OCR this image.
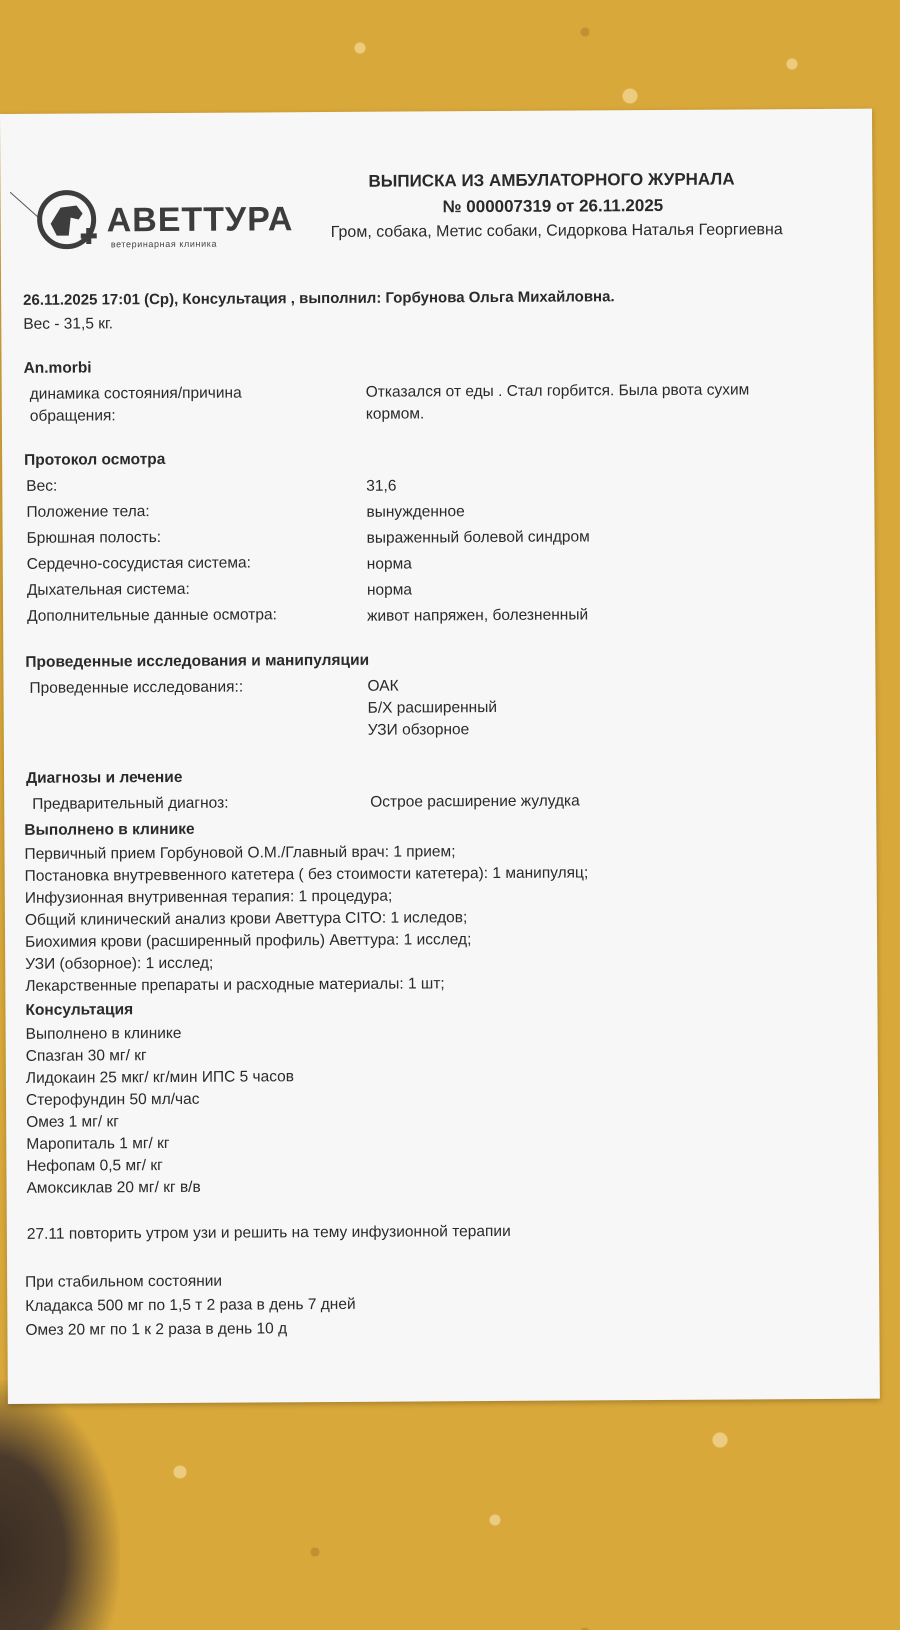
АВЕТТУРА
ветеринарная клиника
ВЫПИСКА ИЗ АМБУЛАТОРНОГО ЖУРНАЛА
№ 000007319 от 26.11.2025
Гром, собака, Метис собаки, Сидоркова Наталья Георгиевна
26.11.2025 17:01 (Ср), Консультация , выполнил: Горбунова Ольга Михайловна.
Вес - 31,5 кг.
An.morbi
динамика состояния/причина
обращения:
Отказался от еды . Стал горбится. Была рвота сухим
кормом.
Протокол осмотра
Вес:	31,6
Положение тела:	вынужденное
Брюшная полость:	выраженный болевой синдром
Сердечно-сосудистая система:	норма
Дыхательная система:	норма
Дополнительные данные осмотра:	живот напряжен, болезненный
Проведенные исследования и манипуляции
Проведенные исследования::	ОАК
Б/Х расширенный
УЗИ обзорное
Диагнозы и лечение
Предварительный диагноз:	Острое расширение жулудка
Выполнено в клинике
Первичный прием Горбуновой О.М./Главный врач: 1 прием;
Постановка внутреввенного катетера ( без стоимости катетера): 1 манипуляц;
Инфузионная внутривенная терапия: 1 процедура;
Общий клинический анализ крови Аветтура СITO: 1 иследов;
Биохимия крови (расширенный профиль) Аветтура: 1 исслед;
УЗИ (обзорное): 1 исслед;
Лекарственные препараты и расходные материалы: 1 шт;
Консультация
Выполнено в клинике
Спазган 30 мг/ кг
Лидокаин 25 мкг/ кг/мин ИПС 5 часов
Стерофундин 50 мл/час
Омез 1 мг/ кг
Маропиталь 1 мг/ кг
Нефопам 0,5 мг/ кг
Амоксиклав 20 мг/ кг в/в
27.11 повторить утром узи и решить на тему инфузионной терапии
При стабильном состоянии
Кладакса 500 мг по 1,5 т 2 раза в день 7 дней
Омез 20 мг по 1 к 2 раза в день 10 д
